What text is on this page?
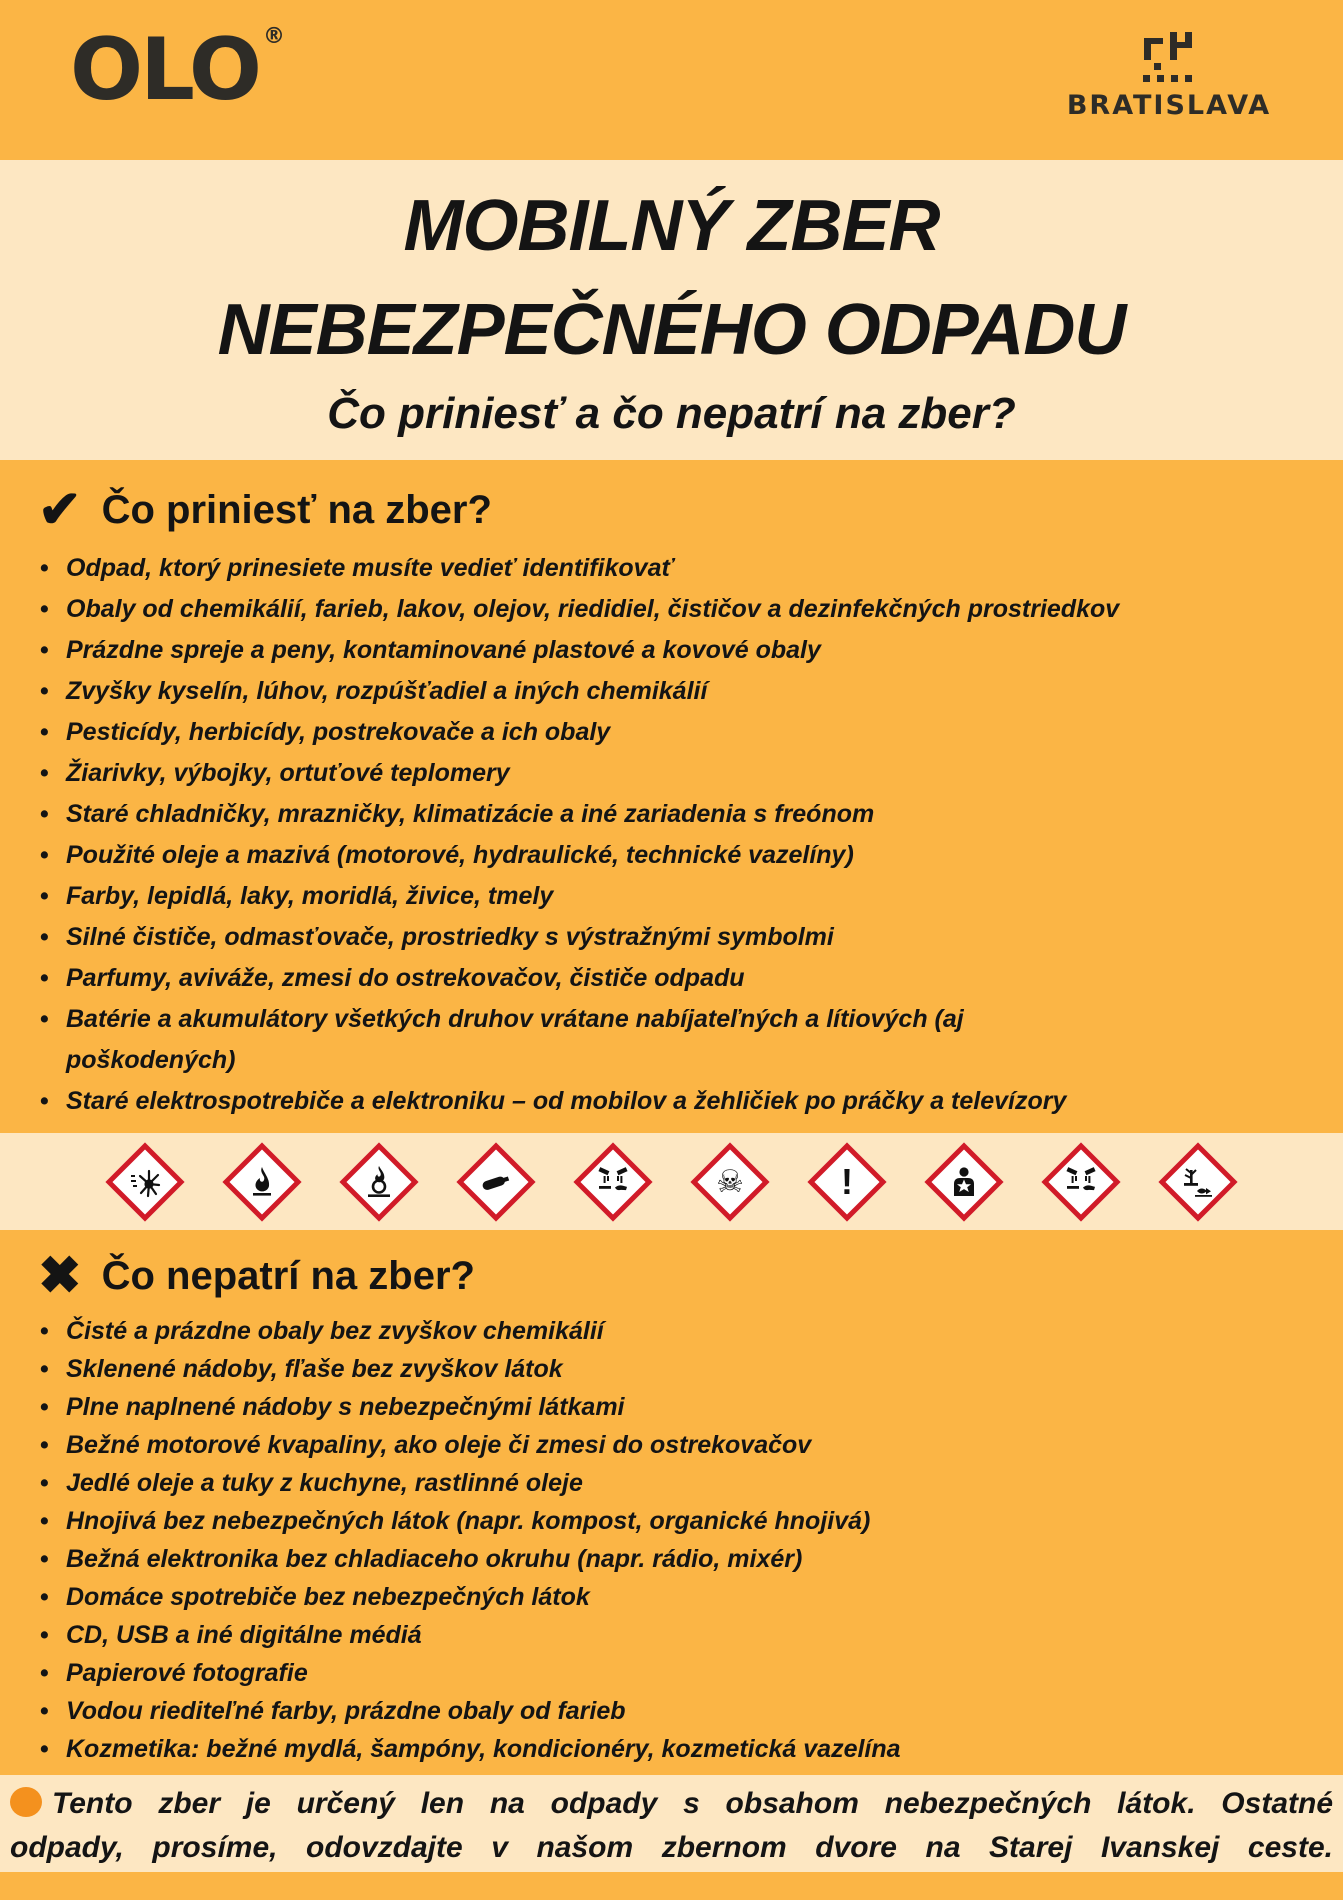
OLO ®
BRATISLAVA
MOBILNÝ ZBER
NEBEZPEČNÉHO ODPADU
Čo priniesť a čo nepatrí na zber?
✔ Čo priniesť na zber?
• Odpad, ktorý prinesiete musíte vedieť identifikovať
• Obaly od chemikálií, farieb, lakov, olejov, riedidiel, čističov a dezinfekčných prostriedkov
• Prázdne spreje a peny, kontaminované plastové a kovové obaly
• Zvyšky kyselín, lúhov, rozpúšťadiel a iných chemikálií
• Pesticídy, herbicídy, postrekovače a ich obaly
• Žiarivky, výbojky, ortuťové teplomery
• Staré chladničky, mrazničky, klimatizácie a iné zariadenia s freónom
• Použité oleje a mazivá (motorové, hydraulické, technické vazelíny)
• Farby, lepidlá, laky, moridlá, živice, tmely
• Silné čističe, odmasťovače, prostriedky s výstražnými symbolmi
• Parfumy, aviváže, zmesi do ostrekovačov, čističe odpadu
• Batérie a akumulátory všetkých druhov vrátane nabíjateľných a lítiových (aj poškodených)
• Staré elektrospotrebiče a elektroniku – od mobilov a žehličiek po práčky a televízory
☠	!
✖ Čo nepatrí na zber?
• Čisté a prázdne obaly bez zvyškov chemikálií
• Sklenené nádoby, fľaše bez zvyškov látok
• Plne naplnené nádoby s nebezpečnými látkami
• Bežné motorové kvapaliny, ako oleje či zmesi do ostrekovačov
• Jedlé oleje a tuky z kuchyne, rastlinné oleje
• Hnojivá bez nebezpečných látok (napr. kompost, organické hnojivá)
• Bežná elektronika bez chladiaceho okruhu (napr. rádio, mixér)
• Domáce spotrebiče bez nebezpečných látok
• CD, USB a iné digitálne médiá
• Papierové fotografie
• Vodou riediteľné farby, prázdne obaly od farieb
• Kozmetika: bežné mydlá, šampóny, kondicionéry, kozmetická vazelína
Tento zber je určený len na odpady s obsahom nebezpečných látok. Ostatné
odpady, prosíme, odovzdajte v našom zbernom dvore na Starej Ivanskej ceste.
